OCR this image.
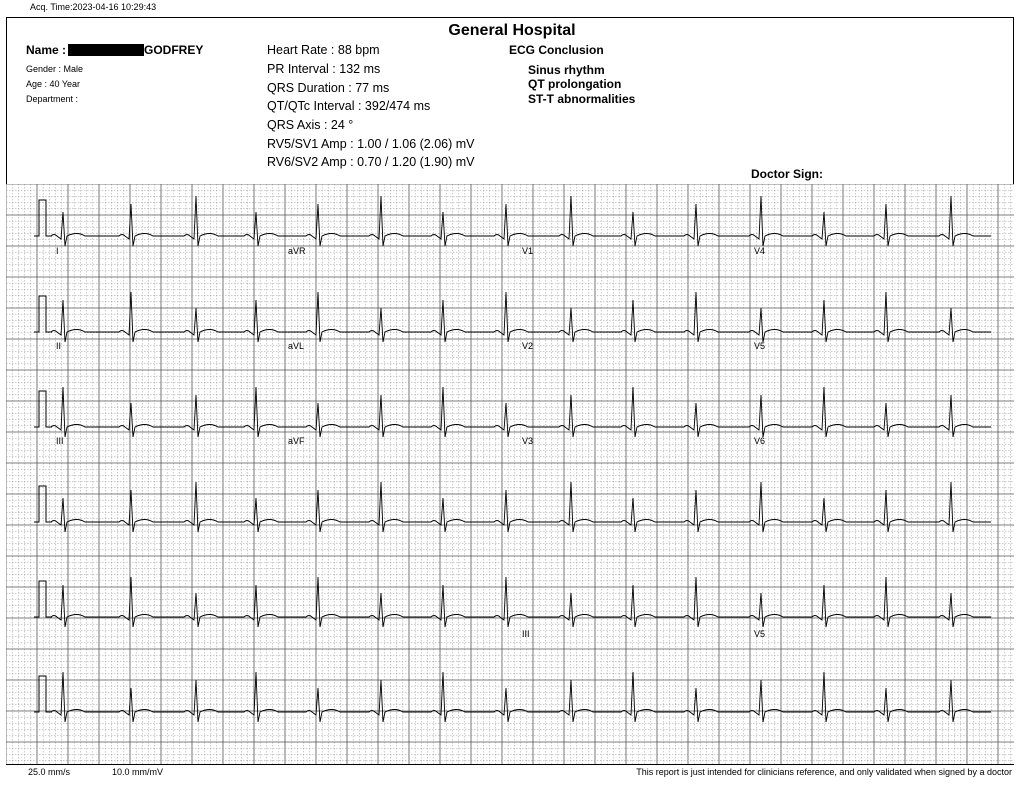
Acq. Time:2023-04-16 10:29:43
General Hospital
Name :	GODFREY
Gender : Male
Age : 40 Year
Department :
Heart Rate : 88 bpm
PR Interval : 132 ms
QRS Duration : 77 ms
QT/QTc Interval : 392/474 ms
QRS Axis : 24 °
RV5/SV1 Amp : 1.00 / 1.06 (2.06) mV
RV6/SV2 Amp : 0.70 / 1.20 (1.90) mV
ECG Conclusion
Sinus rhythm
QT prolongation
ST-T abnormalities
Doctor Sign:
I	aVR	V1	V4
II	aVL	V2	V5
III	aVF	V3	V6
III	V5
25.0 mm/s	10.0 mm/mV	This report is just intended for clinicians reference, and only validated when signed by a doctor
